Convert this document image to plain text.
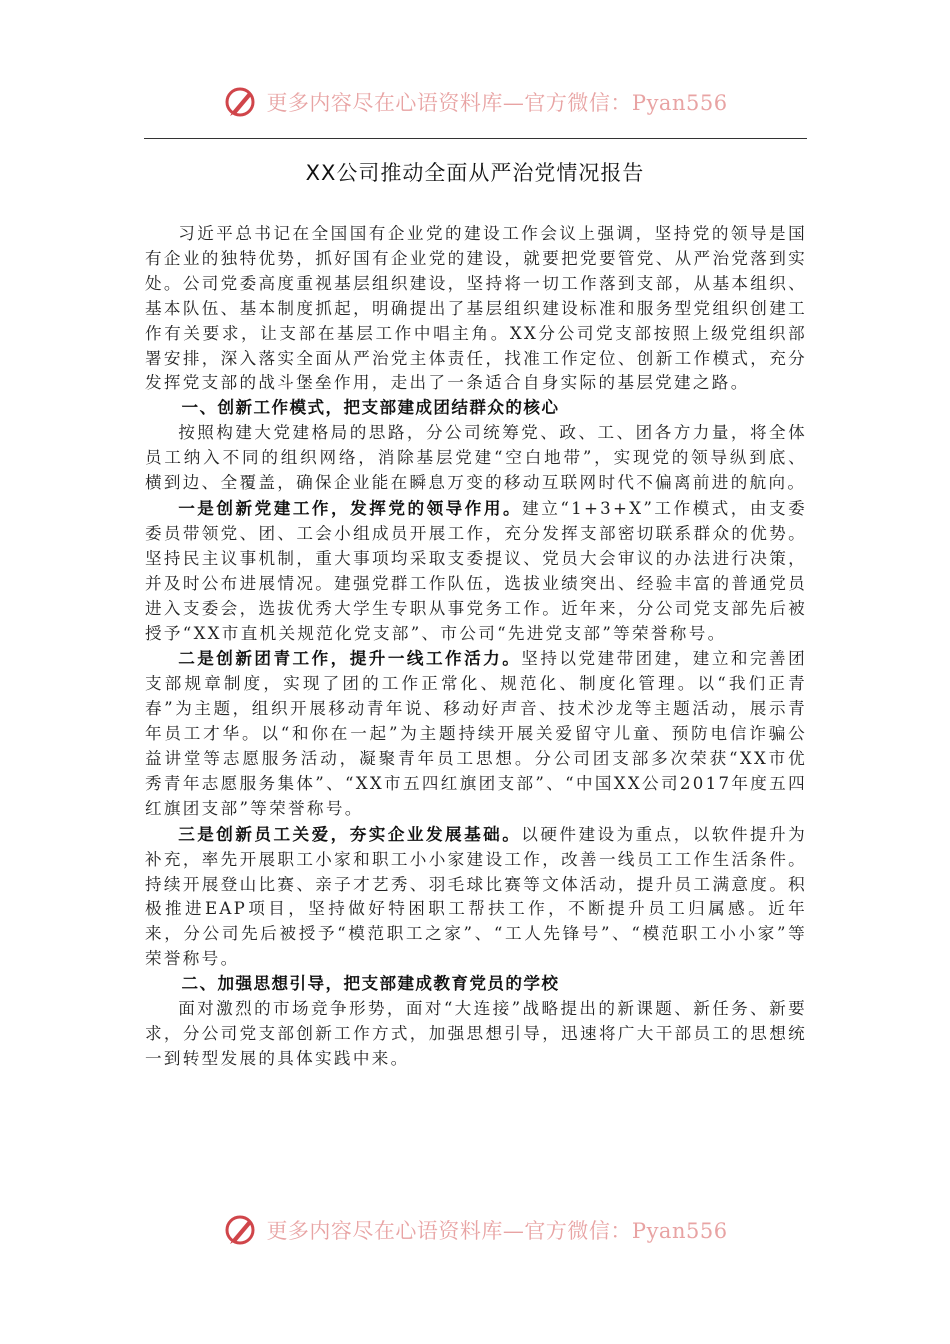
更多内容尽在心语资料库—官方微信：Pyan556
XX公司推动全面从严治党情况报告

习近平总书记在全国国有企业党的建设工作会议上强调，坚持党的领导是国有企业的独特优势，抓好国有企业党的建设，就要把党要管党、从严治党落到实处。公司党委高度重视基层组织建设，坚持将一切工作落到支部，从基本组织、基本队伍、基本制度抓起，明确提出了基层组织建设标准和服务型党组织创建工作有关要求，让支部在基层工作中唱主角。XX分公司党支部按照上级党组织部署安排，深入落实全面从严治党主体责任，找准工作定位、创新工作模式，充分发挥党支部的战斗堡垒作用，走出了一条适合自身实际的基层党建之路。

一、创新工作模式，把支部建成团结群众的核心

按照构建大党建格局的思路，分公司统筹党、政、工、团各方力量，将全体员工纳入不同的组织网络，消除基层党建“空白地带”，实现党的领导纵到底、横到边、全覆盖，确保企业能在瞬息万变的移动互联网时代不偏离前进的航向。

一是创新党建工作，发挥党的领导作用。建立“1+3+X”工作模式，由支委委员带领党、团、工会小组成员开展工作，充分发挥支部密切联系群众的优势。坚持民主议事机制，重大事项均采取支委提议、党员大会审议的办法进行决策，并及时公布进展情况。建强党群工作队伍，选拔业绩突出、经验丰富的普通党员进入支委会，选拔优秀大学生专职从事党务工作。近年来，分公司党支部先后被授予“XX市直机关规范化党支部”、市公司“先进党支部”等荣誉称号。

二是创新团青工作，提升一线工作活力。坚持以党建带团建，建立和完善团支部规章制度，实现了团的工作正常化、规范化、制度化管理。以“我们正青春”为主题，组织开展移动青年说、移动好声音、技术沙龙等主题活动，展示青年员工才华。以“和你在一起”为主题持续开展关爱留守儿童、预防电信诈骗公益讲堂等志愿服务活动，凝聚青年员工思想。分公司团支部多次荣获“XX市优秀青年志愿服务集体”、“XX市五四红旗团支部”、“中国XX公司2017年度五四红旗团支部”等荣誉称号。

三是创新员工关爱，夯实企业发展基础。以硬件建设为重点，以软件提升为补充，率先开展职工小家和职工小小家建设工作，改善一线员工工作生活条件。持续开展登山比赛、亲子才艺秀、羽毛球比赛等文体活动，提升员工满意度。积极推进EAP项目，坚持做好特困职工帮扶工作，不断提升员工归属感。近年来，分公司先后被授予“模范职工之家”、“工人先锋号”、“模范职工小小家”等荣誉称号。

二、加强思想引导，把支部建成教育党员的学校

面对激烈的市场竞争形势，面对“大连接”战略提出的新课题、新任务、新要求，分公司党支部创新工作方式，加强思想引导，迅速将广大干部员工的思想统一到转型发展的具体实践中来。

更多内容尽在心语资料库—官方微信：Pyan556
